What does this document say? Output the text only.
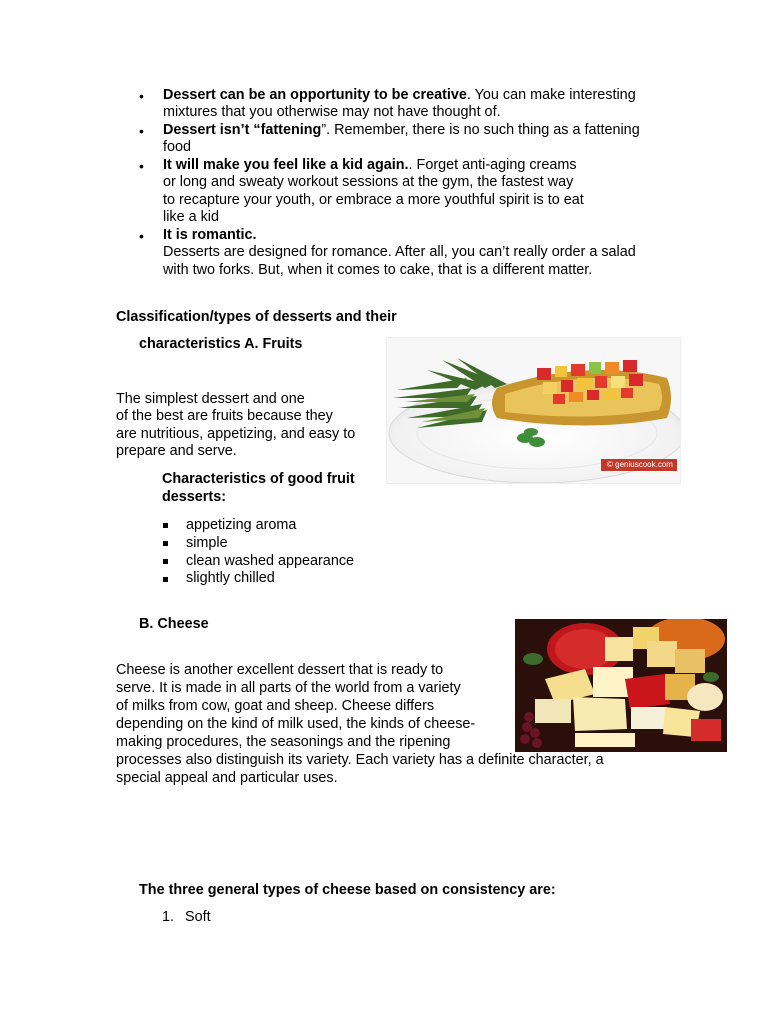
• Dessert can be an opportunity to be creative. You can make interesting
mixtures that you otherwise may not have thought of.
• Dessert isn’t “fattening”. Remember, there is no such thing as a fattening
food
• It will make you feel like a kid again.. Forget anti-aging creams
or long and sweaty workout sessions at the gym, the fastest way
to recapture your youth, or embrace a more youthful spirit is to eat
like a kid
• It is romantic.
Desserts are designed for romance. After all, you can’t really order a salad
with two forks. But, when it comes to cake, that is a different matter.
Classification/types of desserts and their
characteristics A. Fruits
© geniuscook.com
The simplest dessert and one
of the best are fruits because they
are nutritious, appetizing, and easy to
prepare and serve.
Characteristics of good fruit
desserts:
appetizing aroma
simple
clean washed appearance
slightly chilled
B. Cheese
Cheese is another excellent dessert that is ready to
serve. It is made in all parts of the world from a variety
of milks from cow, goat and sheep. Cheese differs
depending on the kind of milk used, the kinds of cheese-
making procedures, the seasonings and the ripening
processes also distinguish its variety. Each variety has a definite character, a
special appeal and particular uses.
The three general types of cheese based on consistency are:
1. Soft
